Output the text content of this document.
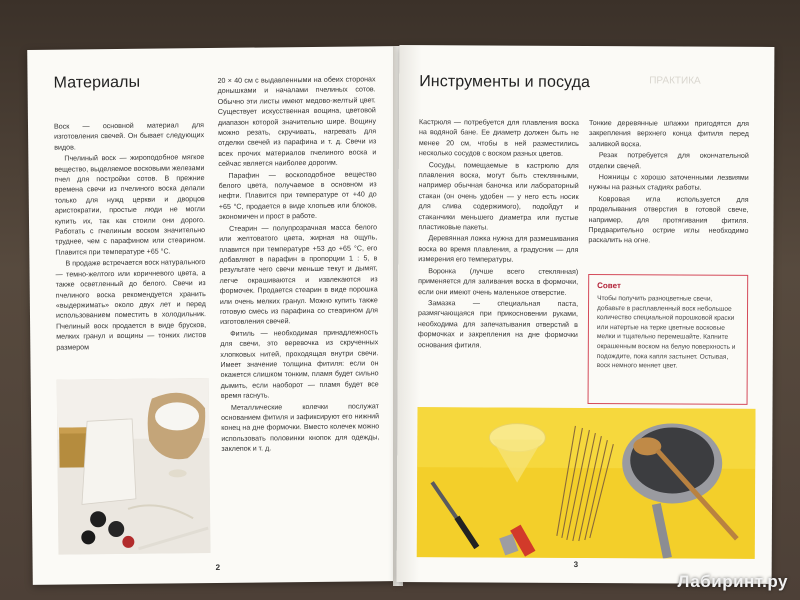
Материалы

Воск — основной материал для изготовления свечей. Он бывает следующих видов.

Пчелиный воск — жироподобное мягкое вещество, выделяемое восковыми железами пчел для постройки сотов. В прежние времена свечи из пчелиного воска делали только для нужд церкви и дворцов аристократии, простые люди не могли купить их, так как стоили они дорого. Работать с пчелиным воском значительно труднее, чем с парафином или стеарином. Плавится при температуре +65 °С.

В продаже встречается воск натурального — темно-желтого или коричневого цвета, а также осветленный до белого. Свечи из пчелиного воска рекомендуется хранить «выдержимать» около двух лет и перед использованием поместить в холодильник. Пчелиный воск продается в виде брусков, мелких гранул и вощины — тонких листов размером

20 × 40 см с выдавленными на обеих сторонах донышками и началами пчелиных сотов. Обычно эти листы имеют медово-желтый цвет. Существует искусственная вощина, цветовой диапазон которой значительно шире. Вощину можно резать, скручивать, нагревать для отделки свечей из парафина и т. д. Свечи из всех прочих материалов пчелиного воска и сейчас является наиболее дорогим.

Парафин — воскоподобное вещество белого цвета, получаемое в основном из нефти. Плавится при температуре от +40 до +65 °С, продается в виде хлопьев или блоков, экономичен и прост в работе.

Стеарин — полупрозрачная масса белого или желтоватого цвета, жирная на ощупь, плавится при температуре +53 до +65 °С, его добавляют в парафин в пропорции 1 : 5, в результате чего свечи меньше текут и дымят, легче окрашиваются и извлекаются из формочек. Продается стеарин в виде порошка или очень мелких гранул. Можно купить также готовую смесь из парафина со стеарином для изготовления свечей.

Фитиль — необходимая принадлежность для свечи, это веревочка из скрученных хлопковых нитей, проходящая внутри свечи. Имеет значение толщина фитиля: если он окажется слишком тонким, пламя будет сильно дымить, если наоборот — пламя будет все время гаснуть.

Металлические колечки послужат основанием фитиля и зафиксируют его нижний конец на дне формочки. Вместо колечек можно использовать половинки кнопок для одежды, заклепок и т. д.

2
Инструменты и посуда	ПРАКТИКА

Кастрюля — потребуется для плавления воска на водяной бане. Ее диаметр должен быть не менее 20 см, чтобы в ней разместились несколько сосудов с воском разных цветов.

Сосуды, помещаемые в кастрюлю для плавления воска, могут быть стеклянными, например обычная баночка или лабораторный стакан (он очень удобен — у него есть носик для слива содержимого), подойдут и стаканчики меньшего диаметра или пустые пластиковые пакеты.

Деревянная ложка нужна для размешивания воска во время плавления, а градусник — для измерения его температуры.

Воронка (лучше всего стеклянная) применяется для заливания воска в формочки, если они имеют очень маленькое отверстие.

Замазка — специальная паста, размягчающаяся при прикосновении руками, необходима для запечатывания отверстий в формочках и закрепления на дне формочки основания фитиля.

Тонкие деревянные шпажки пригодятся для закрепления верхнего конца фитиля перед заливкой воска.

Резак потребуется для окончательной отделки свечей.

Ножницы с хорошо заточенными лезвиями нужны на разных стадиях работы.

Ковровая игла используется для проделывания отверстия в готовой свече, например, для протягивания фитиля. Предварительно острие иглы необходимо раскалить на огне.

Совет
Чтобы получить разноцветные свечи, добавьте в расплавленный воск небольшое количество специальной порошковой краски или натертые на терке цветные восковые мелки и тщательно перемешайте. Капните окрашенным воском на белую поверхность и подождите, пока капля застынет. Остывая, воск немного меняет цвет.
3
Лабиринт.ру
